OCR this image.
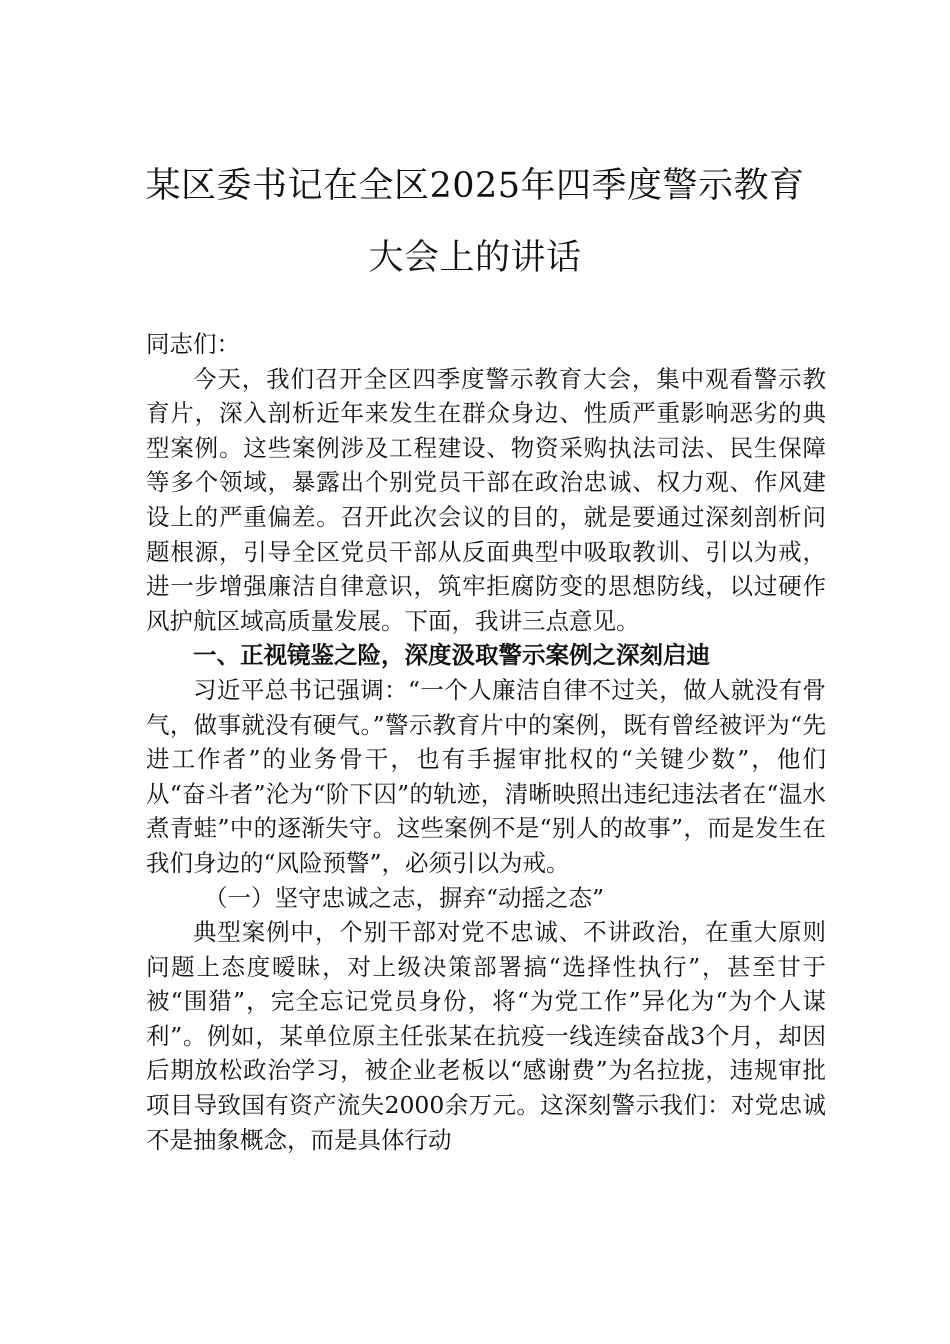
某区委书记在全区2025年四季度警示教育
大会上的讲话

同志们：

今天，我们召开全区四季度警示教育大会，集中观看警示教育片，深入剖析近年来发生在群众身边、性质严重影响恶劣的典型案例。这些案例涉及工程建设、物资采购执法司法、民生保障等多个领域，暴露出个别党员干部在政治忠诚、权力观、作风建设上的严重偏差。召开此次会议的目的，就是要通过深刻剖析问题根源，引导全区党员干部从反面典型中吸取教训、引以为戒，进一步增强廉洁自律意识，筑牢拒腐防变的思想防线，以过硬作风护航区域高质量发展。下面，我讲三点意见。

一、正视镜鉴之险，深度汲取警示案例之深刻启迪

习近平总书记强调：“一个人廉洁自律不过关，做人就没有骨气，做事就没有硬气。”警示教育片中的案例，既有曾经被评为“先进工作者”的业务骨干，也有手握审批权的“关键少数”，他们从“奋斗者”沦为“阶下囚”的轨迹，清晰映照出违纪违法者在“温水煮青蛙”中的逐渐失守。这些案例不是“别人的故事”，而是发生在我们身边的“风险预警”，必须引以为戒。

（一）坚守忠诚之志，摒弃“动摇之态”

典型案例中，个别干部对党不忠诚、不讲政治，在重大原则问题上态度暧昧，对上级决策部署搞“选择性执行”，甚至甘于被“围猎”，完全忘记党员身份，将“为党工作”异化为“为个人谋利”。例如，某单位原主任张某在抗疫一线连续奋战3个月，却因后期放松政治学习，被企业老板以“感谢费”为名拉拢，违规审批项目导致国有资产流失2000余万元。这深刻警示我们：对党忠诚不是抽象概念，而是具体行动
